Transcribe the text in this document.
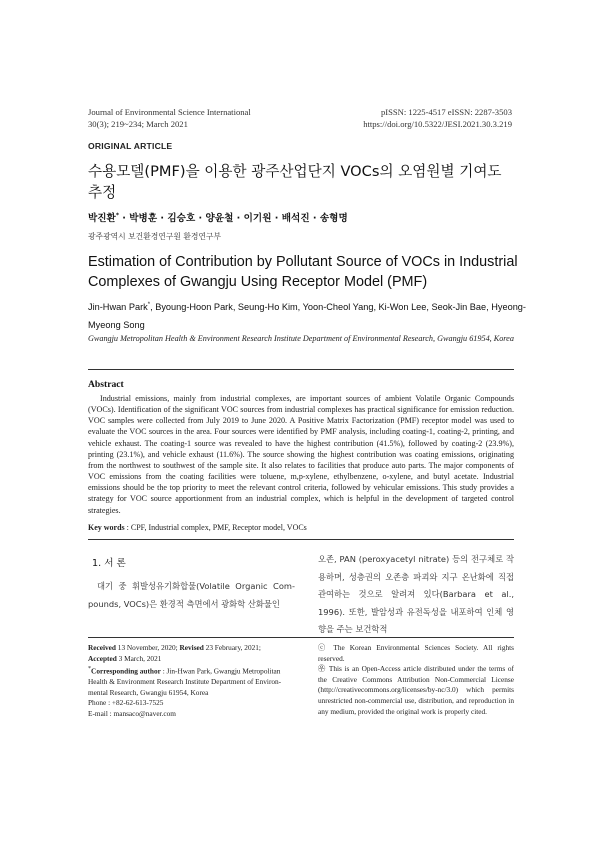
Journal of Environmental Science International
30(3); 219~234; March 2021
pISSN: 1225-4517 eISSN: 2287-3503
https://doi.org/10.5322/JESI.2021.30.3.219
ORIGINAL ARTICLE
수용모델(PMF)을 이용한 광주산업단지 VOCs의 오염원별 기여도 추정
박진환* · 박병훈 · 김승호 · 양윤철 · 이기원 · 배석진 · 송형명
광주광역시 보건환경연구원 환경연구부
Estimation of Contribution by Pollutant Source of VOCs in Industrial Complexes of Gwangju Using Receptor Model (PMF)
Jin-Hwan Park*, Byoung-Hoon Park, Seung-Ho Kim, Yoon-Cheol Yang, Ki-Won Lee, Seok-Jin Bae, Hyeong-Myeong Song
Gwangju Metropolitan Health & Environment Research Institute Department of Environmental Research, Gwangju 61954, Korea
Abstract
Industrial emissions, mainly from industrial complexes, are important sources of ambient Volatile Organic Compounds (VOCs). Identification of the significant VOC sources from industrial complexes has practical significance for emission reduction. VOC samples were collected from July 2019 to June 2020. A Positive Matrix Factorization (PMF) receptor model was used to evaluate the VOC sources in the area. Four sources were identified by PMF analysis, including coating-1, coating-2, printing, and vehicle exhaust. The coating-1 source was revealed to have the highest contribution (41.5%), followed by coating-2 (23.9%), printing (23.1%), and vehicle exhaust (11.6%). The source showing the highest contribution was coating emissions, originating from the northwest to southwest of the sample site. It also relates to facilities that produce auto parts. The major components of VOC emissions from the coating facilities were toluene, m,p-xylene, ethylbenzene, o-xylene, and butyl acetate. Industrial emissions should be the top priority to meet the relevant control criteria, followed by vehicular emissions. This study provides a strategy for VOC source apportionment from an industrial complex, which is helpful in the development of targeted control strategies.
Key words : CPF, Industrial complex, PMF, Receptor model, VOCs
1. 서 론
대기 중 휘발성유기화합물(Volatile Organic Com-pounds, VOCs)은 환경적 측면에서 광화학 산화물인
오존, PAN (peroxyacetyl nitrate) 등의 전구체로 작용하며, 성층권의 오존층 파괴와 지구 온난화에 직접 관여하는 것으로 알려져 있다(Barbara et al., 1996). 또한, 발암성과 유전독성을 내포하여 인체 영향을 주는 보건학적
Received 13 November, 2020; Revised 23 February, 2021;
Accepted 3 March, 2021
*Corresponding author : Jin-Hwan Park, Gwangju Metropolitan Health & Environment Research Institute Department of Environ-mental Research, Gwangju 61954, Korea
Phone : +82-62-613-7525
E-mail : mansaco@naver.com
ⓒ The Korean Environmental Sciences Society. All rights reserved.
㉾ This is an Open-Access article distributed under the terms of the Creative Commons Attribution Non-Commercial License (http://creativecommons.org/licenses/by-nc/3.0) which permits unrestricted non-commercial use, distribution, and reproduction in any medium, provided the original work is properly cited.
